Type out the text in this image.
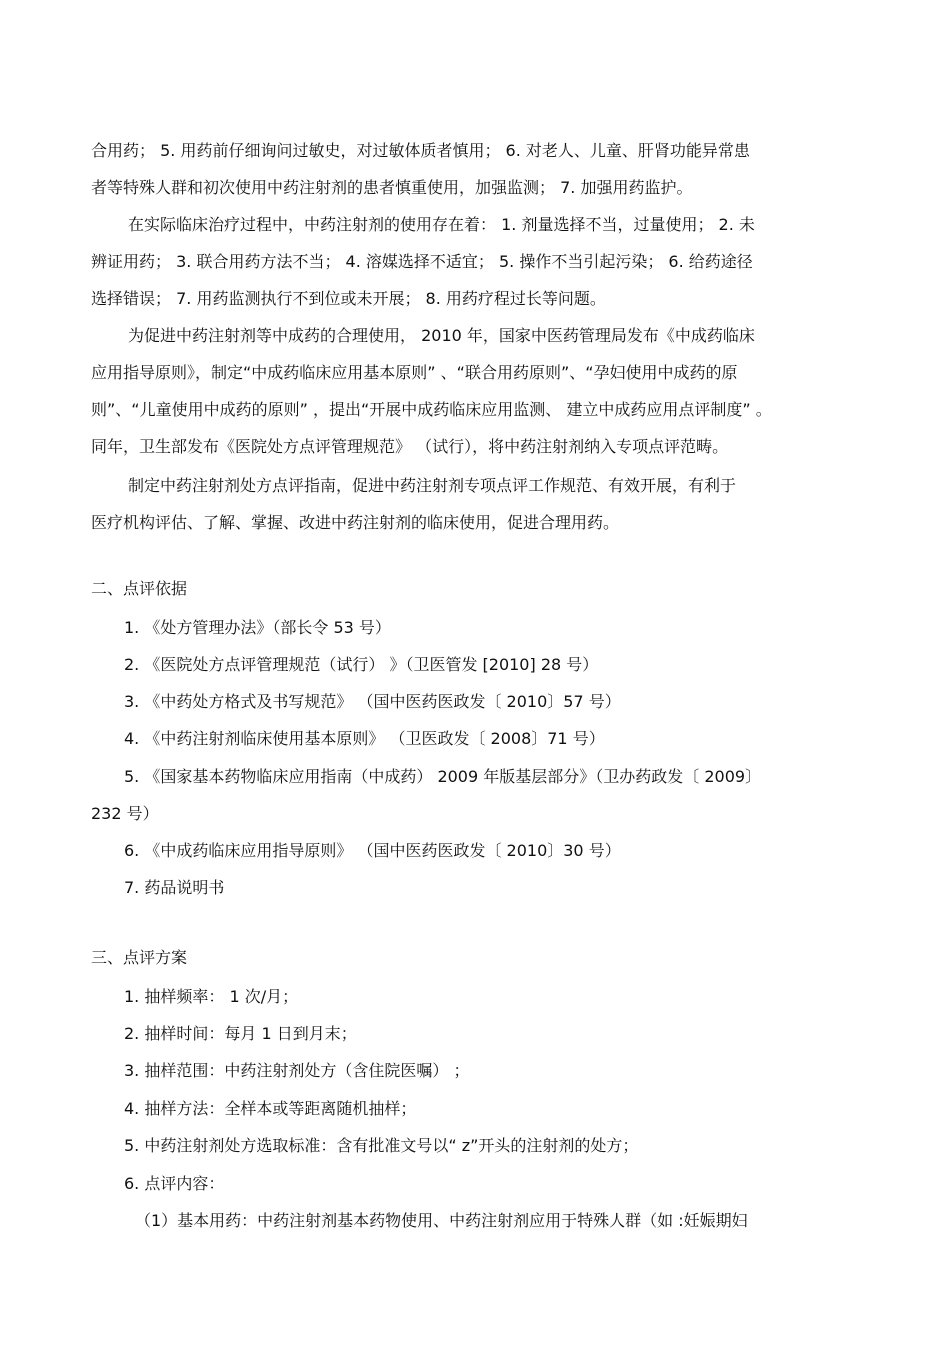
合用药； 5. 用药前仔细询问过敏史，对过敏体质者慎用； 6. 对老人、儿童、肝肾功能异常患
者等特殊人群和初次使用中药注射剂的患者慎重使用，加强监测； 7. 加强用药监护。
在实际临床治疗过程中，中药注射剂的使用存在着： 1. 剂量选择不当，过量使用； 2. 未
辨证用药； 3. 联合用药方法不当； 4. 溶媒选择不适宜； 5. 操作不当引起污染； 6. 给药途径
选择错误； 7. 用药监测执行不到位或未开展； 8. 用药疗程过长等问题。
为促进中药注射剂等中成药的合理使用， 2010 年，国家中医药管理局发布《中成药临床
应用指导原则》，制定“中成药临床应用基本原则” 、“联合用药原则”、“孕妇使用中成药的原
则”、“儿童使用中成药的原则” ，提出“开展中成药临床应用监测、 建立中成药应用点评制度” 。
同年，卫生部发布《医院处方点评管理规范》 （试行），将中药注射剂纳入专项点评范畴。
制定中药注射剂处方点评指南，促进中药注射剂专项点评工作规范、有效开展，有利于
医疗机构评估、了解、掌握、改进中药注射剂的临床使用，促进合理用药。
二、点评依据
1. 《处方管理办法》（部长令 53 号）
2. 《医院处方点评管理规范（试行） 》（卫医管发 [2010] 28 号）
3. 《中药处方格式及书写规范》 （国中医药医政发〔 2010〕57 号）
4. 《中药注射剂临床使用基本原则》 （卫医政发〔 2008〕71 号）
5. 《国家基本药物临床应用指南（中成药） 2009 年版基层部分》（卫办药政发〔 2009〕
232 号）
6. 《中成药临床应用指导原则》 （国中医药医政发〔 2010〕30 号）
7. 药品说明书
三、点评方案
1. 抽样频率： 1 次/月；
2. 抽样时间：每月 1 日到月末；
3. 抽样范围：中药注射剂处方（含住院医嘱） ；
4. 抽样方法：全样本或等距离随机抽样；
5. 中药注射剂处方选取标准：含有批准文号以“ z”开头的注射剂的处方；
6. 点评内容：
（1）基本用药：中药注射剂基本药物使用、中药注射剂应用于特殊人群（如 :妊娠期妇
